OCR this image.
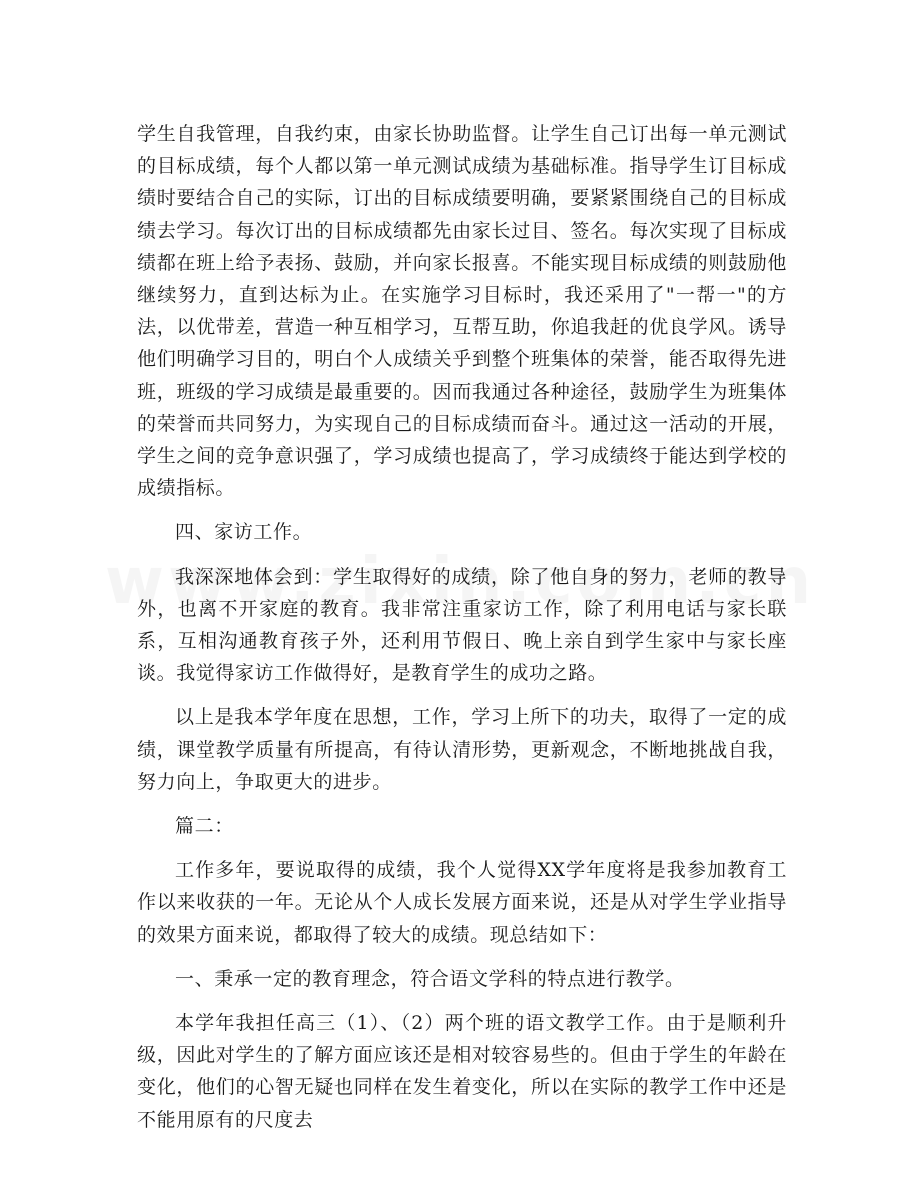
学生自我管理，自我约束，由家长协助监督。让学生自己订出每一单元测试的目标成绩，每个人都以第一单元测试成绩为基础标准。指导学生订目标成绩时要结合自己的实际，订出的目标成绩要明确，要紧紧围绕自己的目标成绩去学习。每次订出的目标成绩都先由家长过目、签名。每次实现了目标成绩都在班上给予表扬、鼓励，并向家长报喜。不能实现目标成绩的则鼓励他继续努力，直到达标为止。在实施学习目标时，我还采用了"一帮一"的方法，以优带差，营造一种互相学习，互帮互助，你追我赶的优良学风。诱导他们明确学习目的，明白个人成绩关乎到整个班集体的荣誉，能否取得先进班，班级的学习成绩是最重要的。因而我通过各种途径，鼓励学生为班集体的荣誉而共同努力，为实现自己的目标成绩而奋斗。通过这一活动的开展，学生之间的竞争意识强了，学习成绩也提高了，学习成绩终于能达到学校的成绩指标。

四、家访工作。

我深深地体会到：学生取得好的成绩，除了他自身的努力，老师的教导外，也离不开家庭的教育。我非常注重家访工作，除了利用电话与家长联系，互相沟通教育孩子外，还利用节假日、晚上亲自到学生家中与家长座谈。我觉得家访工作做得好，是教育学生的成功之路。

以上是我本学年度在思想，工作，学习上所下的功夫，取得了一定的成绩，课堂教学质量有所提高，有待认清形势，更新观念，不断地挑战自我，努力向上，争取更大的进步。

篇二：

工作多年，要说取得的成绩，我个人觉得XX学年度将是我参加教育工作以来收获的一年。无论从个人成长发展方面来说，还是从对学生学业指导的效果方面来说，都取得了较大的成绩。现总结如下：

一、秉承一定的教育理念，符合语文学科的特点进行教学。

本学年我担任高三（1）、（2）两个班的语文教学工作。由于是顺利升级，因此对学生的了解方面应该还是相对较容易些的。但由于学生的年龄在变化，他们的心智无疑也同样在发生着变化，所以在实际的教学工作中还是不能用原有的尺度去
